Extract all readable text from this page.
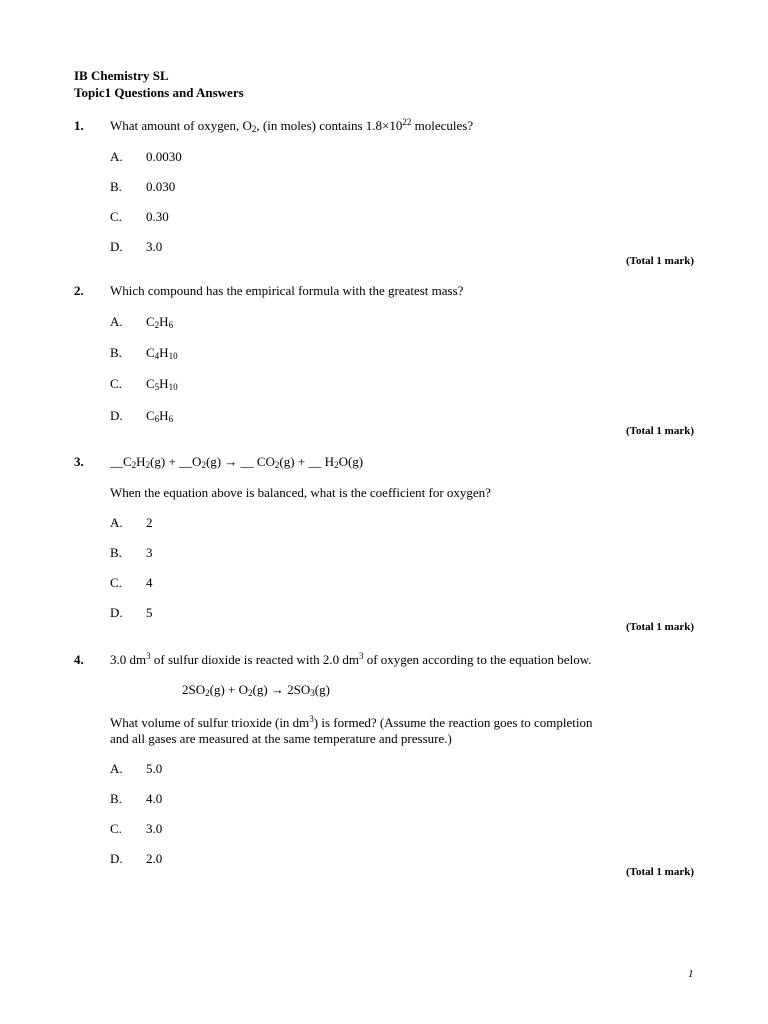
IB Chemistry SL
Topic1 Questions and Answers
1. What amount of oxygen, $O_2$, (in moles) contains $1.8\times 10^{22}$ molecules?
A. 0.0030
B. 0.030
C. 0.30
D. 3.0
(Total 1 mark)
2. Which compound has the empirical formula with the greatest mass?
A. $C_2H_6$
B. $C_4H_{10}$
C. $C_5H_{10}$
D. $C_6H_6$
(Total 1 mark)
3. $\_\_C_2H_2(g)$ + $\_\_O_2(g)$ → __ $CO_2(g)$ + __ $H_2O(g)$
When the equation above is balanced, what is the coefficient for oxygen?
A. 2
B. 3
C. 4
D. 5
(Total 1 mark)
4. 3.0 $dm^3$ of sulfur dioxide is reacted with 2.0 $dm^3$ of oxygen according to the equation below.
$2SO_2(g) + O_2(g) \to 2SO_3(g)$
What volume of sulfur trioxide (in $dm^3$) is formed? (Assume the reaction goes to completion
and all gases are measured at the same temperature and pressure.)
A. 5.0
B. 4.0
C. 3.0
D. 2.0
(Total 1 mark)
1
